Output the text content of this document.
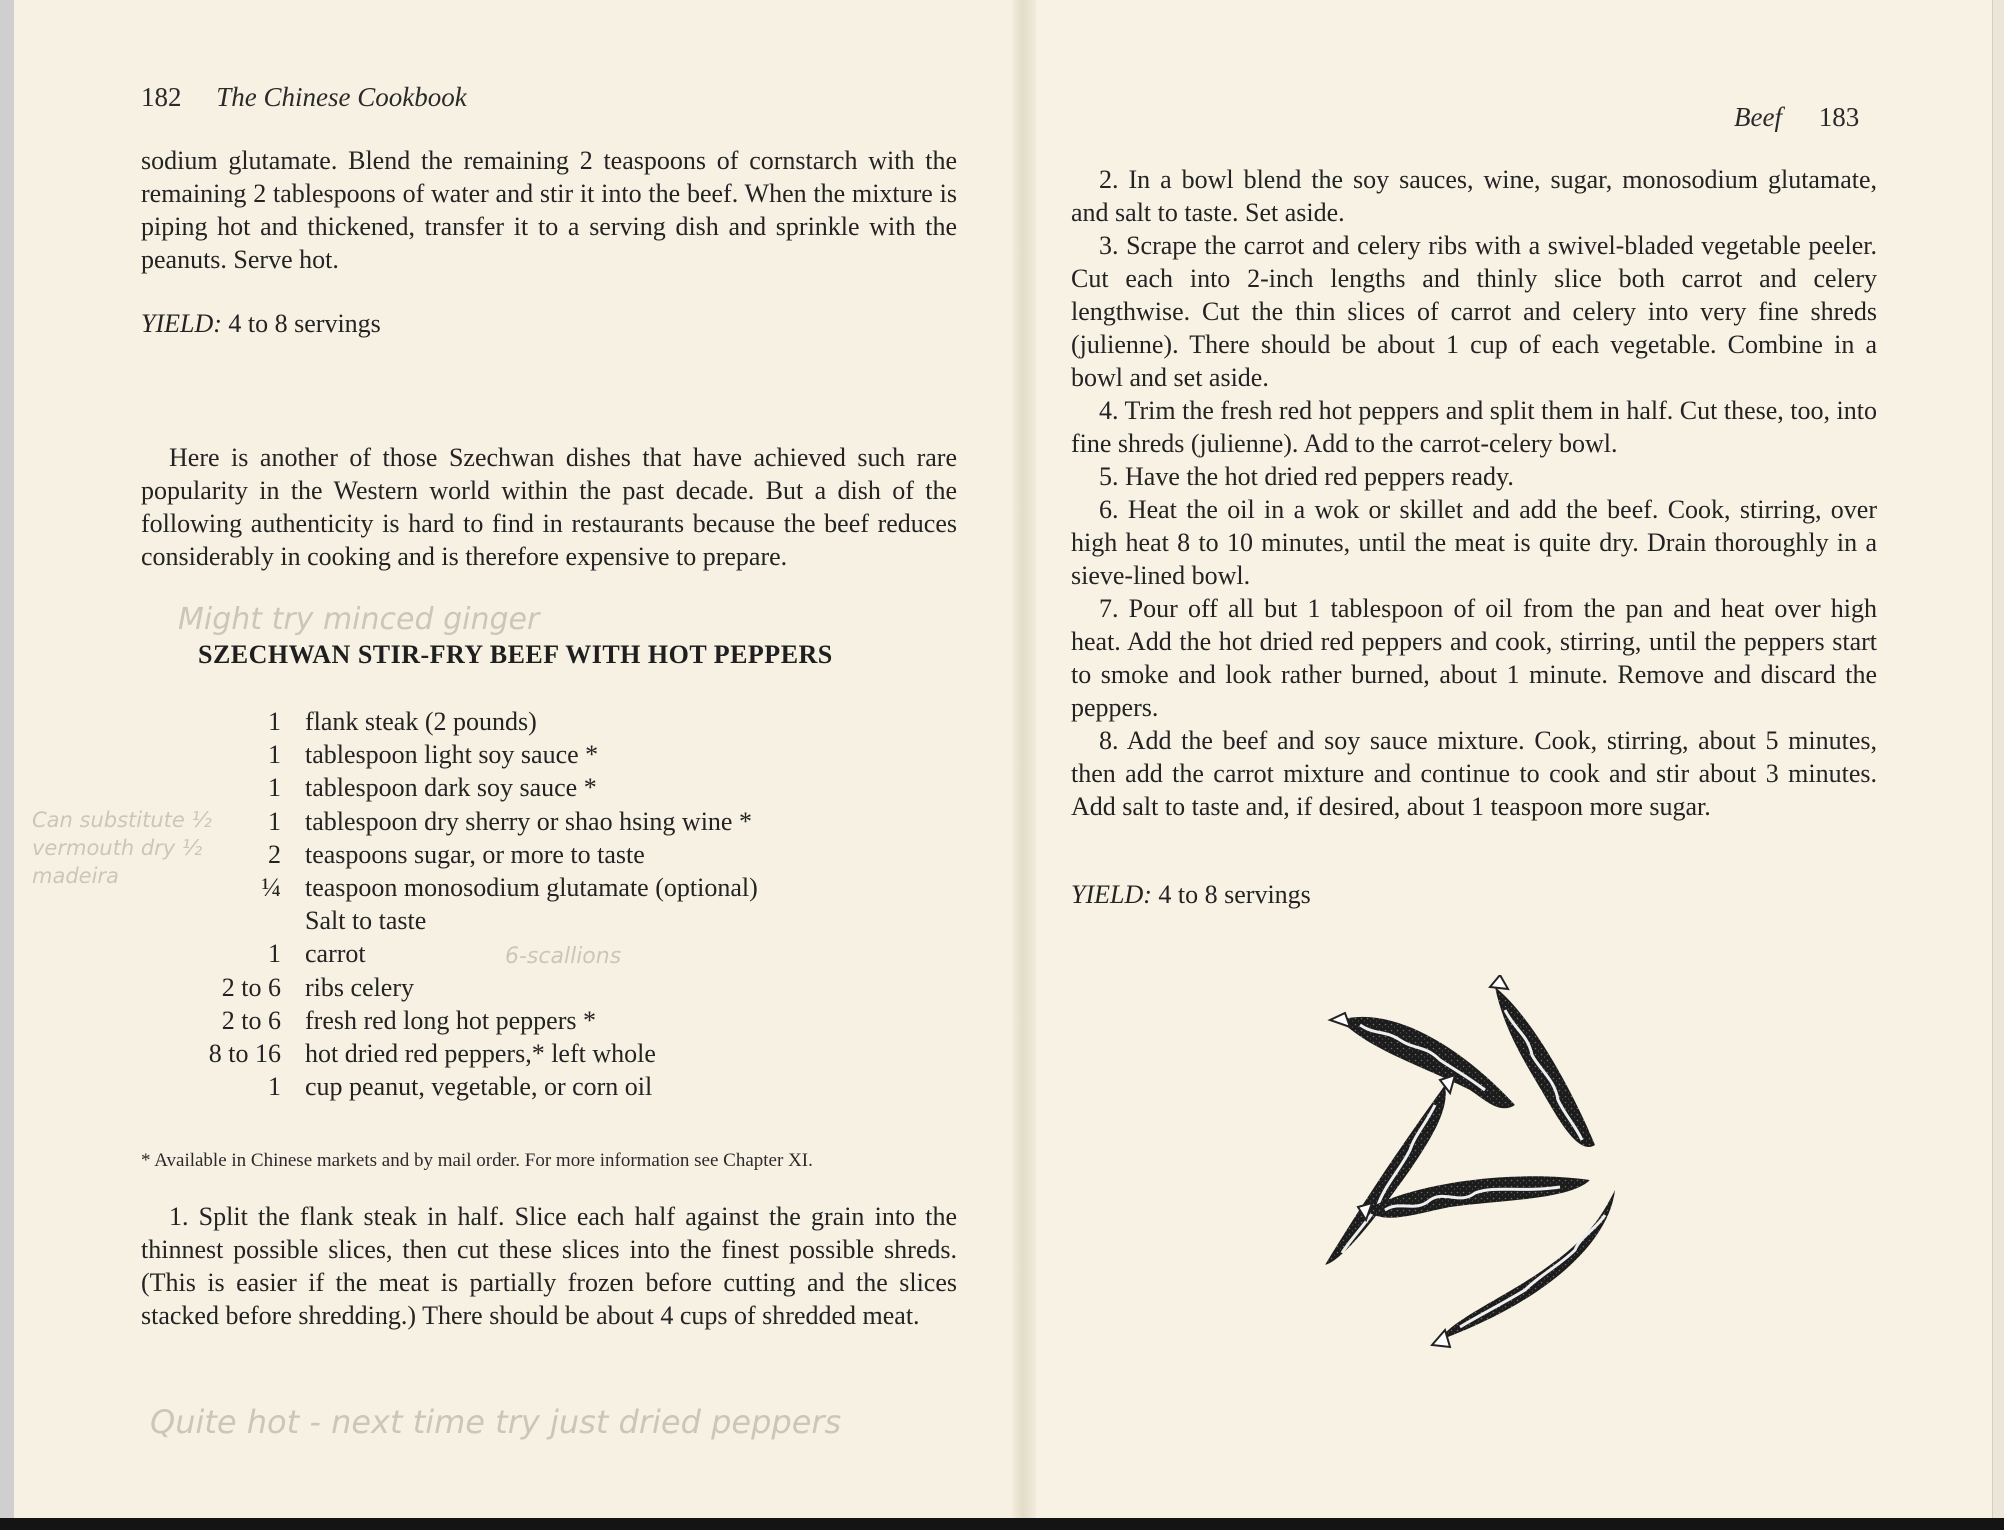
182 The Chinese Cookbook

sodium glutamate. Blend the remaining 2 teaspoons of cornstarch with the remaining 2 tablespoons of water and stir it into the beef. When the mixture is piping hot and thickened, transfer it to a serving dish and sprinkle with the peanuts. Serve hot.

YIELD: 4 to 8 servings

Here is another of those Szechwan dishes that have achieved such rare popularity in the Western world within the past decade. But a dish of the following authenticity is hard to find in restaurants because the beef reduces considerably in cooking and is therefore expensive to prepare.

Might try minced ginger
SZECHWAN STIR-FRY BEEF WITH HOT PEPPERS
1 flank steak (2 pounds)
1 tablespoon light soy sauce *
1 tablespoon dark soy sauce *
1 tablespoon dry sherry or shao hsing wine *
2 teaspoons sugar, or more to taste
¼ teaspoon monosodium glutamate (optional)
Salt to taste
1 carrot
2 to 6 ribs celery
2 to 6 fresh red long hot peppers *
8 to 16 hot dried red peppers,* left whole
1 cup peanut, vegetable, or corn oil
Can substitute ½ vermouth dry ½ madeira
6-scallions

* Available in Chinese markets and by mail order. For more information see Chapter XI.

1. Split the flank steak in half. Slice each half against the grain into the thinnest possible slices, then cut these slices into the finest possible shreds. (This is easier if the meat is partially frozen before cutting and the slices stacked before shredding.) There should be about 4 cups of shredded meat.

Quite hot - next time try just dried peppers
Beef 183

2. In a bowl blend the soy sauces, wine, sugar, monosodium glutamate, and salt to taste. Set aside.

3. Scrape the carrot and celery ribs with a swivel-bladed vegetable peeler. Cut each into 2-inch lengths and thinly slice both carrot and celery lengthwise. Cut the thin slices of carrot and celery into very fine shreds (julienne). There should be about 1 cup of each vegetable. Combine in a bowl and set aside.

4. Trim the fresh red hot peppers and split them in half. Cut these, too, into fine shreds (julienne). Add to the carrot-celery bowl.

5. Have the hot dried red peppers ready.

6. Heat the oil in a wok or skillet and add the beef. Cook, stirring, over high heat 8 to 10 minutes, until the meat is quite dry. Drain thoroughly in a sieve-lined bowl.

7. Pour off all but 1 tablespoon of oil from the pan and heat over high heat. Add the hot dried red peppers and cook, stirring, until the peppers start to smoke and look rather burned, about 1 minute. Remove and discard the peppers.

8. Add the beef and soy sauce mixture. Cook, stirring, about 5 minutes, then add the carrot mixture and continue to cook and stir about 3 minutes. Add salt to taste and, if desired, about 1 teaspoon more sugar.

YIELD: 4 to 8 servings
